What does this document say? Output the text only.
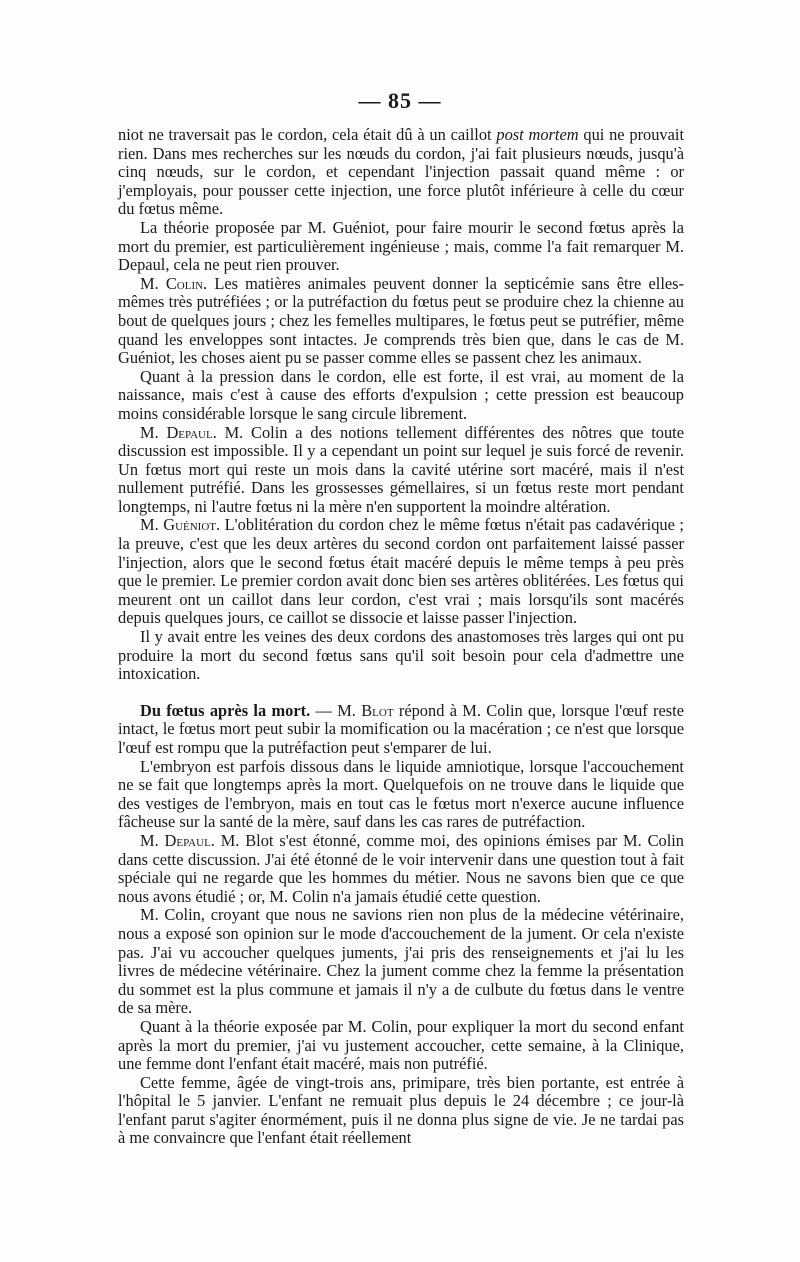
— 85 —

niot ne traversait pas le cordon, cela était dû à un caillot post mortem qui ne prouvait rien. Dans mes recherches sur les nœuds du cordon, j'ai fait plusieurs nœuds, jusqu'à cinq nœuds, sur le cordon, et cependant l'injection passait quand même : or j'employais, pour pousser cette injection, une force plutôt inférieure à celle du cœur du fœtus même.

La théorie proposée par M. Guéniot, pour faire mourir le second fœtus après la mort du premier, est particulièrement ingénieuse ; mais, comme l'a fait remarquer M. Depaul, cela ne peut rien prouver.

M. Colin. Les matières animales peuvent donner la septicémie sans être elles-mêmes très putréfiées ; or la putréfaction du fœtus peut se produire chez la chienne au bout de quelques jours ; chez les femelles multipares, le fœtus peut se putréfier, même quand les enveloppes sont intactes. Je comprends très bien que, dans le cas de M. Guéniot, les choses aient pu se passer comme elles se passent chez les animaux.

Quant à la pression dans le cordon, elle est forte, il est vrai, au moment de la naissance, mais c'est à cause des efforts d'expulsion ; cette pression est beaucoup moins considérable lorsque le sang circule librement.

M. Depaul. M. Colin a des notions tellement différentes des nôtres que toute discussion est impossible. Il y a cependant un point sur lequel je suis forcé de revenir. Un fœtus mort qui reste un mois dans la cavité utérine sort macéré, mais il n'est nullement putréfié. Dans les grossesses gémellaires, si un fœtus reste mort pendant longtemps, ni l'autre fœtus ni la mère n'en supportent la moindre altération.

M. Guéniot. L'oblitération du cordon chez le même fœtus n'était pas cadavérique ; la preuve, c'est que les deux artères du second cordon ont parfaitement laissé passer l'injection, alors que le second fœtus était macéré depuis le même temps à peu près que le premier. Le premier cordon avait donc bien ses artères oblitérées. Les fœtus qui meurent ont un caillot dans leur cordon, c'est vrai ; mais lorsqu'ils sont macérés depuis quelques jours, ce caillot se dissocie et laisse passer l'injection.

Il y avait entre les veines des deux cordons des anastomoses très larges qui ont pu produire la mort du second fœtus sans qu'il soit besoin pour cela d'admettre une intoxication.

Du fœtus après la mort. — M. Blot répond à M. Colin que, lorsque l'œuf reste intact, le fœtus mort peut subir la momification ou la macération ; ce n'est que lorsque l'œuf est rompu que la putréfaction peut s'emparer de lui.

L'embryon est parfois dissous dans le liquide amniotique, lorsque l'accouchement ne se fait que longtemps après la mort. Quelquefois on ne trouve dans le liquide que des vestiges de l'embryon, mais en tout cas le fœtus mort n'exerce aucune influence fâcheuse sur la santé de la mère, sauf dans les cas rares de putréfaction.

M. Depaul. M. Blot s'est étonné, comme moi, des opinions émises par M. Colin dans cette discussion. J'ai été étonné de le voir intervenir dans une question tout à fait spéciale qui ne regarde que les hommes du métier. Nous ne savons bien que ce que nous avons étudié ; or, M. Colin n'a jamais étudié cette question.

M. Colin, croyant que nous ne savions rien non plus de la médecine vétérinaire, nous a exposé son opinion sur le mode d'accouchement de la jument. Or cela n'existe pas. J'ai vu accoucher quelques juments, j'ai pris des renseignements et j'ai lu les livres de médecine vétérinaire. Chez la jument comme chez la femme la présentation du sommet est la plus commune et jamais il n'y a de culbute du fœtus dans le ventre de sa mère.

Quant à la théorie exposée par M. Colin, pour expliquer la mort du second enfant après la mort du premier, j'ai vu justement accoucher, cette semaine, à la Clinique, une femme dont l'enfant était macéré, mais non putréfié.

Cette femme, âgée de vingt-trois ans, primipare, très bien portante, est entrée à l'hôpital le 5 janvier. L'enfant ne remuait plus depuis le 24 décembre ; ce jour-là l'enfant parut s'agiter énormément, puis il ne donna plus signe de vie. Je ne tardai pas à me convaincre que l'enfant était réellement
